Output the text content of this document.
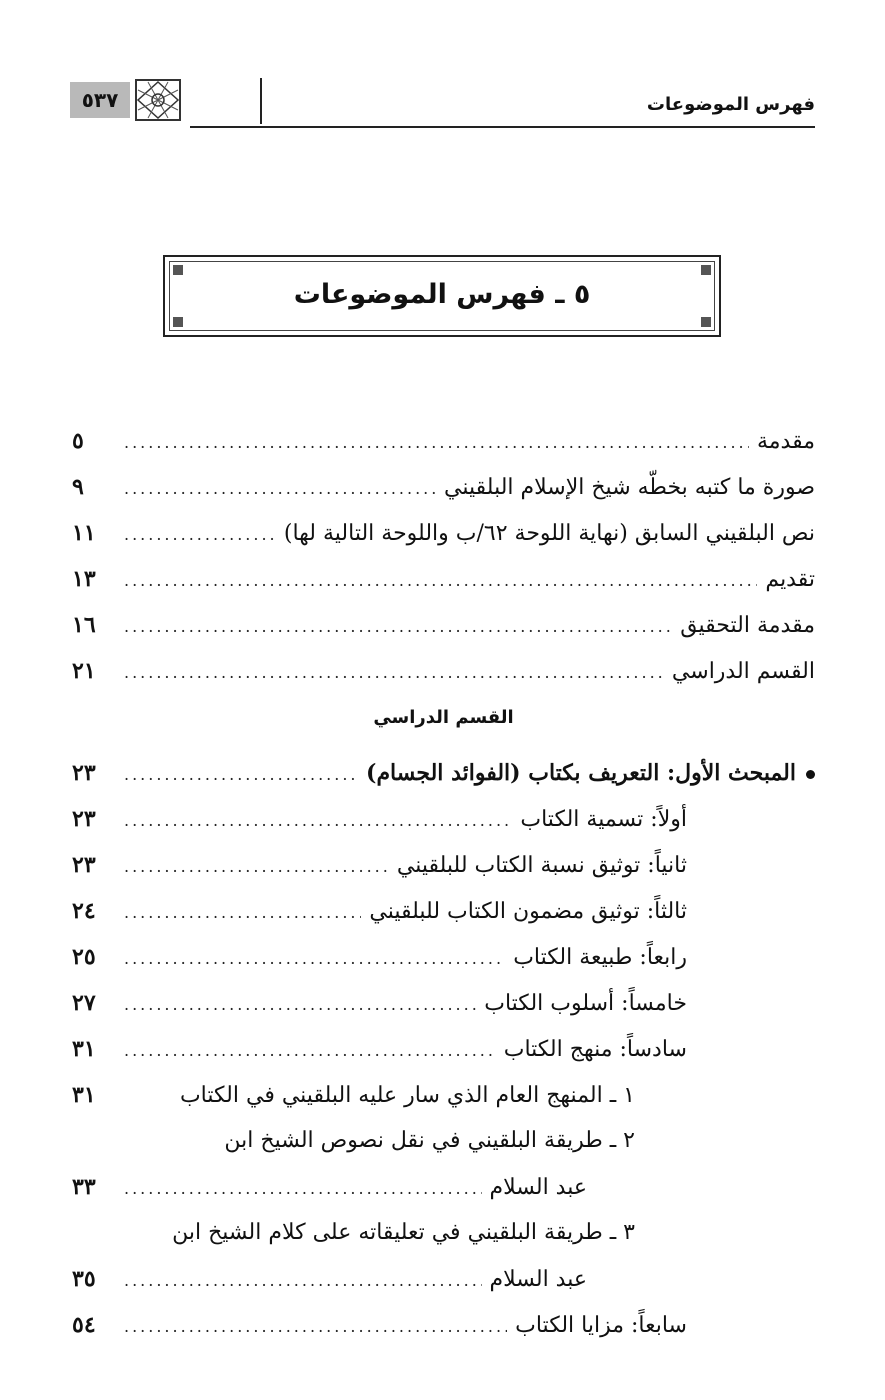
٥٣٧	فهرس الموضوعات
٥ ـ فهرس الموضوعات
مقدمة
.....
٥
صورة ما كتبه بخطّه شيخ الإسلام البلقيني
.....
٩
نص البلقيني السابق (نهاية اللوحة ٦٢/ب واللوحة التالية لها)
.....
١١
تقديم
.....
١٣
مقدمة التحقيق
.....
١٦
القسم الدراسي
.....
٢١
القسم الدراسي
المبحث الأول: التعريف بكتاب (الفوائد الجسام)
.....
٢٣
أولاً: تسمية الكتاب
.....
٢٣
ثانياً: توثيق نسبة الكتاب للبلقيني
.....
٢٣
ثالثاً: توثيق مضمون الكتاب للبلقيني
.....
٢٤
رابعاً: طبيعة الكتاب
.....
٢٥
خامساً: أسلوب الكتاب
.....
٢٧
سادساً: منهج الكتاب
.....
٣١
١ ـ المنهج العام الذي سار عليه البلقيني في الكتاب
٣١
٢ ـ طريقة البلقيني في نقل نصوص الشيخ ابن
عبد السلام
.....
٣٣
٣ ـ طريقة البلقيني في تعليقاته على كلام الشيخ ابن
عبد السلام
.....
٣٥
سابعاً: مزايا الكتاب
.....
٥٤
